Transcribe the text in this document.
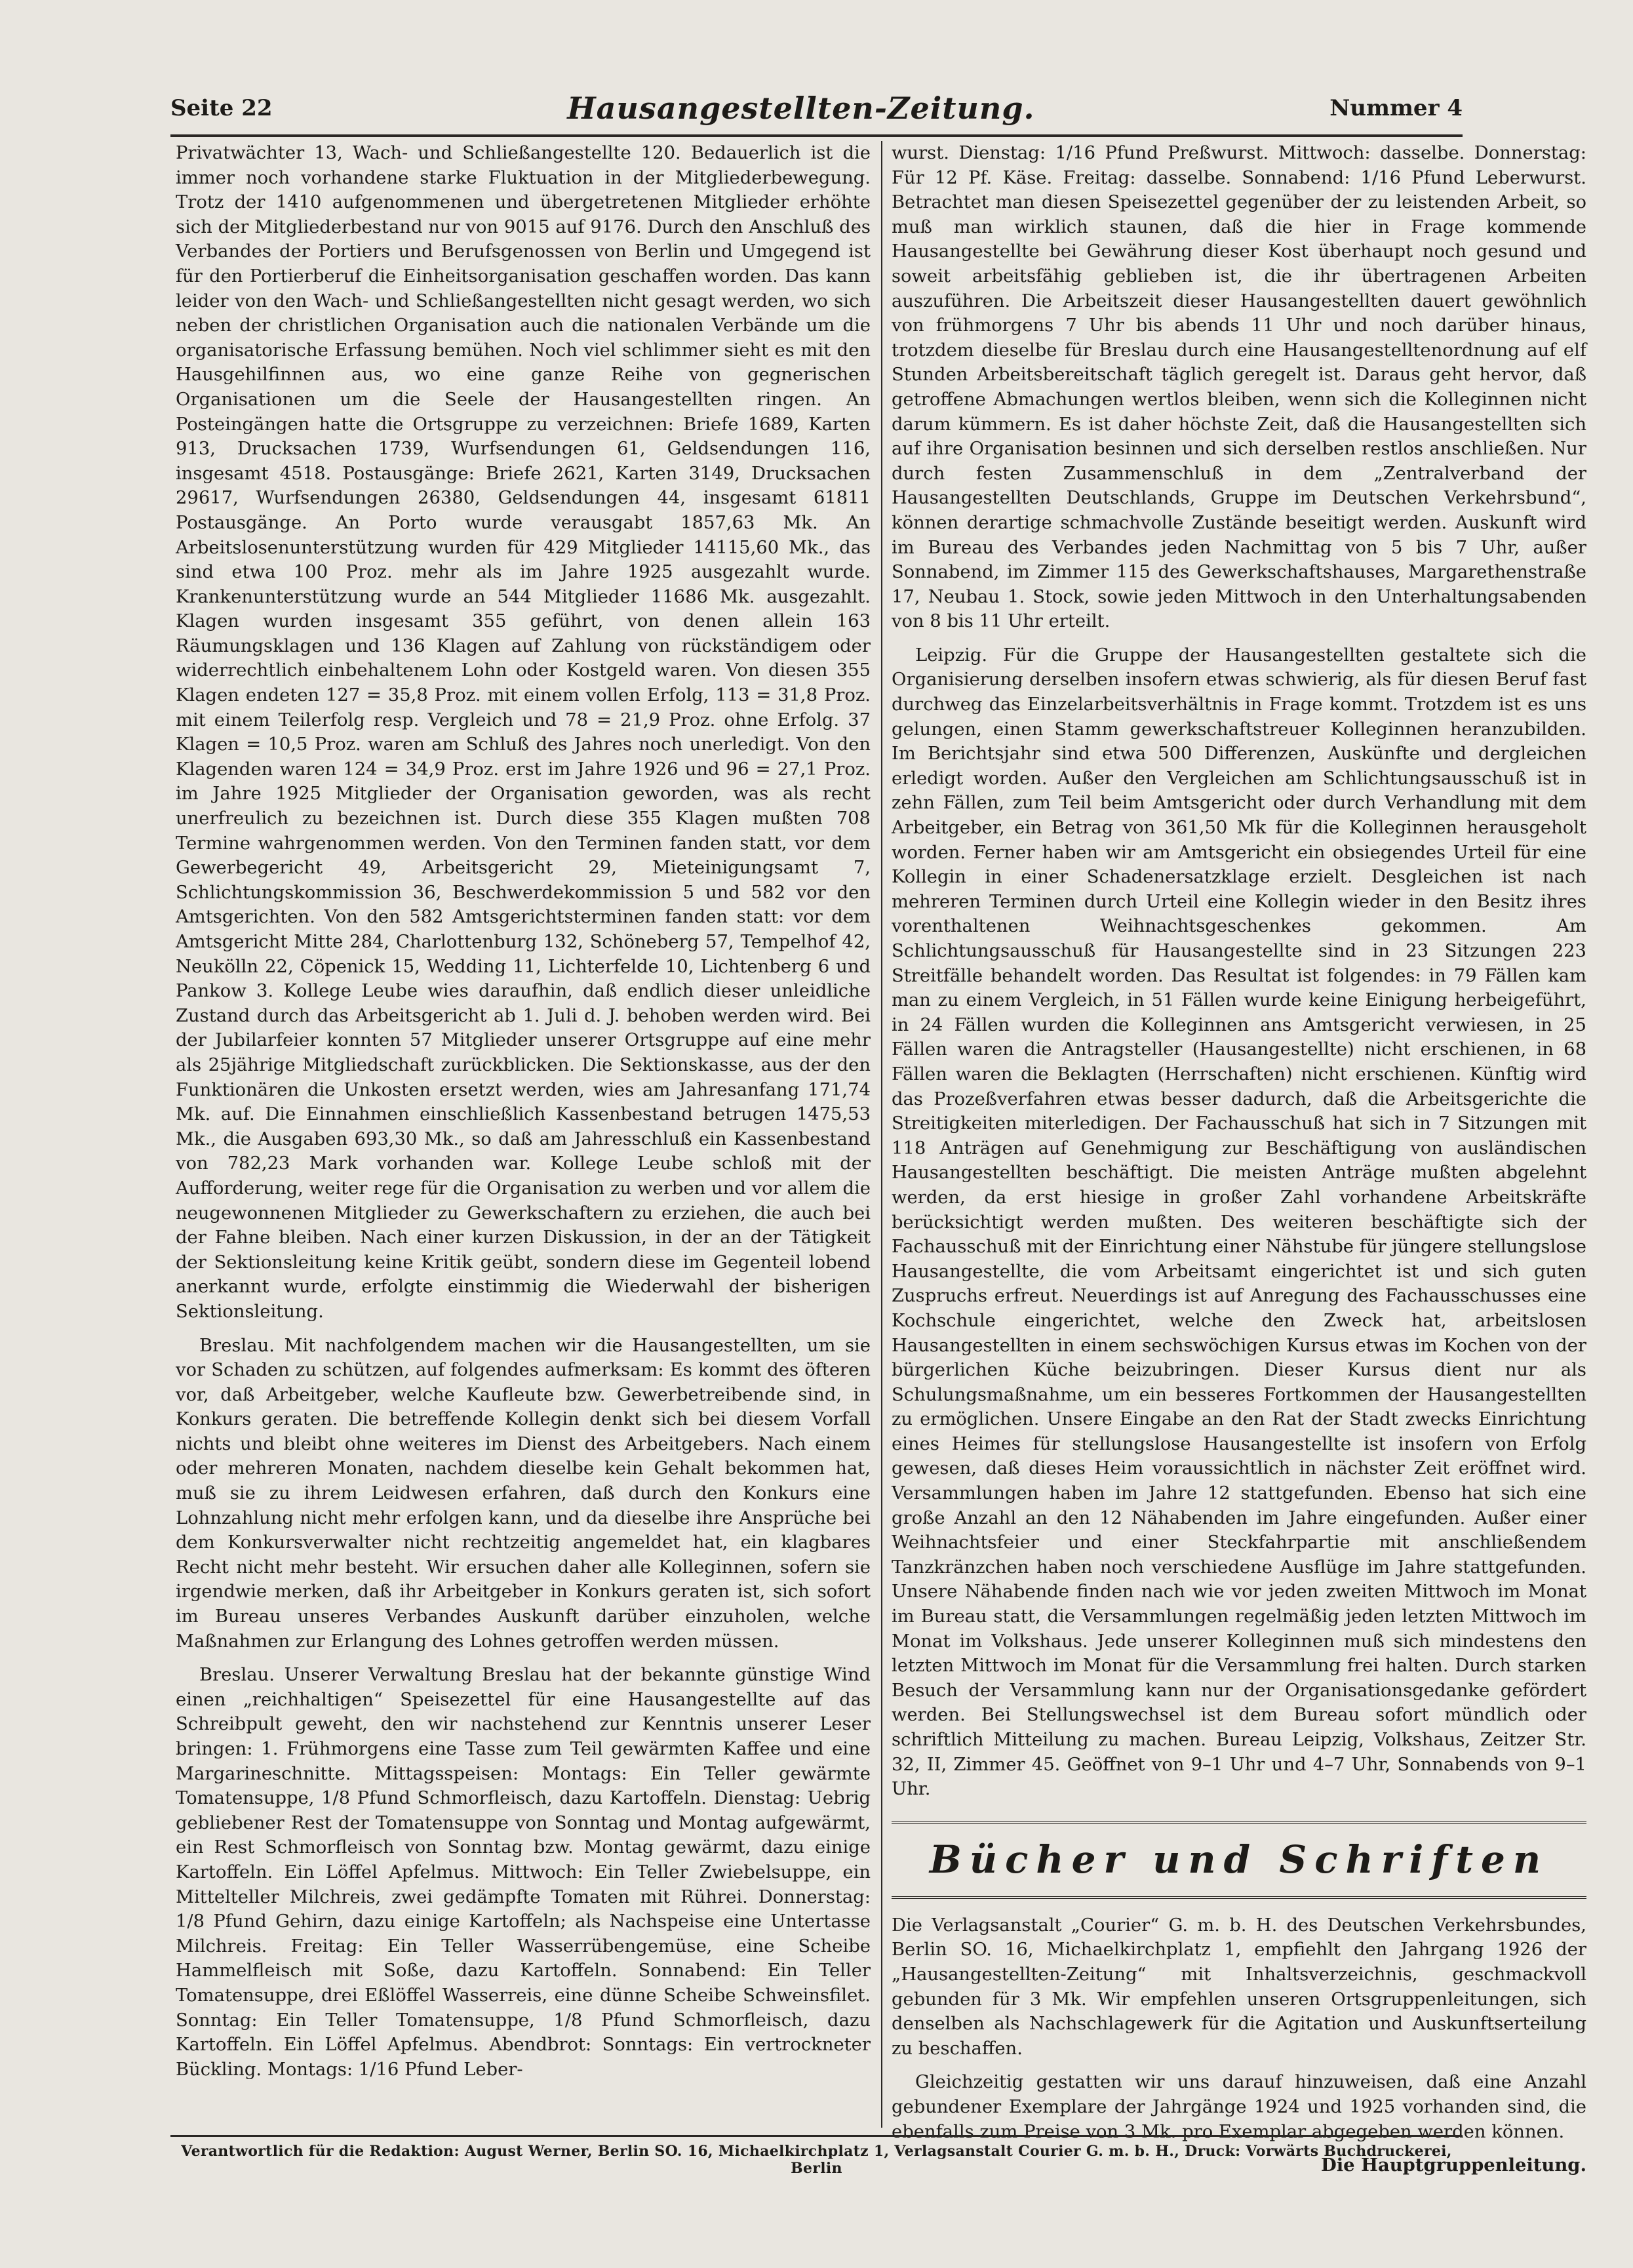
Seite 22	Hausangestellten-Zeitung.	Nummer 4

Privatwächter 13, Wach- und Schließangestellte 120. Bedauerlich ist die immer noch vorhandene starke Fluktuation in der Mitgliederbewegung. Trotz der 1410 aufgenommenen und übergetretenen Mitglieder erhöhte sich der Mitgliederbestand nur von 9015 auf 9176. Durch den Anschluß des Verbandes der Portiers und Berufsgenossen von Berlin und Umgegend ist für den Portierberuf die Einheitsorganisation geschaffen worden. Das kann leider von den Wach- und Schließangestellten nicht gesagt werden, wo sich neben der christlichen Organisation auch die nationalen Verbände um die organisatorische Erfassung bemühen. Noch viel schlimmer sieht es mit den Hausgehilfinnen aus, wo eine ganze Reihe von gegnerischen Organisationen um die Seele der Hausangestellten ringen. An Posteingängen hatte die Ortsgruppe zu verzeichnen: Briefe 1689, Karten 913, Drucksachen 1739, Wurfsendungen 61, Geldsendungen 116, insgesamt 4518. Postausgänge: Briefe 2621, Karten 3149, Drucksachen 29617, Wurfsendungen 26380, Geldsendungen 44, insgesamt 61811 Postausgänge. An Porto wurde verausgabt 1857,63 Mk. An Arbeitslosenunterstützung wurden für 429 Mitglieder 14115,60 Mk., das sind etwa 100 Proz. mehr als im Jahre 1925 ausgezahlt wurde. Krankenunterstützung wurde an 544 Mitglieder 11686 Mk. ausgezahlt. Klagen wurden insgesamt 355 geführt, von denen allein 163 Räumungsklagen und 136 Klagen auf Zahlung von rückständigem oder widerrechtlich einbehaltenem Lohn oder Kostgeld waren. Von diesen 355 Klagen endeten 127 = 35,8 Proz. mit einem vollen Erfolg, 113 = 31,8 Proz. mit einem Teilerfolg resp. Vergleich und 78 = 21,9 Proz. ohne Erfolg. 37 Klagen = 10,5 Proz. waren am Schluß des Jahres noch unerledigt. Von den Klagenden waren 124 = 34,9 Proz. erst im Jahre 1926 und 96 = 27,1 Proz. im Jahre 1925 Mitglieder der Organisation geworden, was als recht unerfreulich zu bezeichnen ist. Durch diese 355 Klagen mußten 708 Termine wahrgenommen werden. Von den Terminen fanden statt, vor dem Gewerbegericht 49, Arbeitsgericht 29, Mieteinigungsamt 7, Schlichtungskommission 36, Beschwerdekommission 5 und 582 vor den Amtsgerichten. Von den 582 Amtsgerichtsterminen fanden statt: vor dem Amtsgericht Mitte 284, Charlottenburg 132, Schöneberg 57, Tempelhof 42, Neukölln 22, Cöpenick 15, Wedding 11, Lichterfelde 10, Lichtenberg 6 und Pankow 3. Kollege Leube wies daraufhin, daß endlich dieser unleidliche Zustand durch das Arbeitsgericht ab 1. Juli d. J. behoben werden wird. Bei der Jubilarfeier konnten 57 Mitglieder unserer Ortsgruppe auf eine mehr als 25jährige Mitgliedschaft zurückblicken. Die Sektionskasse, aus der den Funktionären die Unkosten ersetzt werden, wies am Jahresanfang 171,74 Mk. auf. Die Einnahmen einschließlich Kassenbestand betrugen 1475,53 Mk., die Ausgaben 693,30 Mk., so daß am Jahresschluß ein Kassenbestand von 782,23 Mark vorhanden war. Kollege Leube schloß mit der Aufforderung, weiter rege für die Organisation zu werben und vor allem die neugewonnenen Mitglieder zu Gewerkschaftern zu erziehen, die auch bei der Fahne bleiben. Nach einer kurzen Diskussion, in der an der Tätigkeit der Sektionsleitung keine Kritik geübt, sondern diese im Gegenteil lobend anerkannt wurde, erfolgte einstimmig die Wiederwahl der bisherigen Sektionsleitung.

Breslau. Mit nachfolgendem machen wir die Hausangestellten, um sie vor Schaden zu schützen, auf folgendes aufmerksam: Es kommt des öfteren vor, daß Arbeitgeber, welche Kaufleute bzw. Gewerbetreibende sind, in Konkurs geraten. Die betreffende Kollegin denkt sich bei diesem Vorfall nichts und bleibt ohne weiteres im Dienst des Arbeitgebers. Nach einem oder mehreren Monaten, nachdem dieselbe kein Gehalt bekommen hat, muß sie zu ihrem Leidwesen erfahren, daß durch den Konkurs eine Lohnzahlung nicht mehr erfolgen kann, und da dieselbe ihre Ansprüche bei dem Konkursverwalter nicht rechtzeitig angemeldet hat, ein klagbares Recht nicht mehr besteht. Wir ersuchen daher alle Kolleginnen, sofern sie irgendwie merken, daß ihr Arbeitgeber in Konkurs geraten ist, sich sofort im Bureau unseres Verbandes Auskunft darüber einzuholen, welche Maßnahmen zur Erlangung des Lohnes getroffen werden müssen.

Breslau. Unserer Verwaltung Breslau hat der bekannte günstige Wind einen „reichhaltigen“ Speisezettel für eine Hausangestellte auf das Schreibpult geweht, den wir nachstehend zur Kenntnis unserer Leser bringen: 1. Frühmorgens eine Tasse zum Teil gewärmten Kaffee und eine Margarineschnitte. Mittagsspeisen: Montags: Ein Teller gewärmte Tomatensuppe, 1/8 Pfund Schmorfleisch, dazu Kartoffeln. Dienstag: Uebrig gebliebener Rest der Tomatensuppe von Sonntag und Montag aufgewärmt, ein Rest Schmorfleisch von Sonntag bzw. Montag gewärmt, dazu einige Kartoffeln. Ein Löffel Apfelmus. Mittwoch: Ein Teller Zwiebelsuppe, ein Mittelteller Milchreis, zwei gedämpfte Tomaten mit Rührei. Donnerstag: 1/8 Pfund Gehirn, dazu einige Kartoffeln; als Nachspeise eine Untertasse Milchreis. Freitag: Ein Teller Wasserrübengemüse, eine Scheibe Hammelfleisch mit Soße, dazu Kartoffeln. Sonnabend: Ein Teller Tomatensuppe, drei Eßlöffel Wasserreis, eine dünne Scheibe Schweinsfilet. Sonntag: Ein Teller Tomatensuppe, 1/8 Pfund Schmorfleisch, dazu Kartoffeln. Ein Löffel Apfelmus. Abendbrot: Sonntags: Ein vertrockneter Bückling. Montags: 1/16 Pfund Leber-

wurst. Dienstag: 1/16 Pfund Preßwurst. Mittwoch: dasselbe. Donnerstag: Für 12 Pf. Käse. Freitag: dasselbe. Sonnabend: 1/16 Pfund Leberwurst. Betrachtet man diesen Speisezettel gegenüber der zu leistenden Arbeit, so muß man wirklich staunen, daß die hier in Frage kommende Hausangestellte bei Gewährung dieser Kost überhaupt noch gesund und soweit arbeitsfähig geblieben ist, die ihr übertragenen Arbeiten auszuführen. Die Arbeitszeit dieser Hausangestellten dauert gewöhnlich von frühmorgens 7 Uhr bis abends 11 Uhr und noch darüber hinaus, trotzdem dieselbe für Breslau durch eine Hausangestelltenordnung auf elf Stunden Arbeitsbereitschaft täglich geregelt ist. Daraus geht hervor, daß getroffene Abmachungen wertlos bleiben, wenn sich die Kolleginnen nicht darum kümmern. Es ist daher höchste Zeit, daß die Hausangestellten sich auf ihre Organisation besinnen und sich derselben restlos anschließen. Nur durch festen Zusammenschluß in dem „Zentralverband der Hausangestellten Deutschlands, Gruppe im Deutschen Verkehrsbund“, können derartige schmachvolle Zustände beseitigt werden. Auskunft wird im Bureau des Verbandes jeden Nachmittag von 5 bis 7 Uhr, außer Sonnabend, im Zimmer 115 des Gewerkschaftshauses, Margarethenstraße 17, Neubau 1. Stock, sowie jeden Mittwoch in den Unterhaltungsabenden von 8 bis 11 Uhr erteilt.

Leipzig. Für die Gruppe der Hausangestellten gestaltete sich die Organisierung derselben insofern etwas schwierig, als für diesen Beruf fast durchweg das Einzelarbeitsverhältnis in Frage kommt. Trotzdem ist es uns gelungen, einen Stamm gewerkschaftstreuer Kolleginnen heranzubilden. Im Berichtsjahr sind etwa 500 Differenzen, Auskünfte und dergleichen erledigt worden. Außer den Vergleichen am Schlichtungsausschuß ist in zehn Fällen, zum Teil beim Amtsgericht oder durch Verhandlung mit dem Arbeitgeber, ein Betrag von 361,50 Mk für die Kolleginnen herausgeholt worden. Ferner haben wir am Amtsgericht ein obsiegendes Urteil für eine Kollegin in einer Schadenersatzklage erzielt. Desgleichen ist nach mehreren Terminen durch Urteil eine Kollegin wieder in den Besitz ihres vorenthaltenen Weihnachtsgeschenkes gekommen. Am Schlichtungsausschuß für Hausangestellte sind in 23 Sitzungen 223 Streitfälle behandelt worden. Das Resultat ist folgendes: in 79 Fällen kam man zu einem Vergleich, in 51 Fällen wurde keine Einigung herbeigeführt, in 24 Fällen wurden die Kolleginnen ans Amtsgericht verwiesen, in 25 Fällen waren die Antragsteller (Hausangestellte) nicht erschienen, in 68 Fällen waren die Beklagten (Herrschaften) nicht erschienen. Künftig wird das Prozeßverfahren etwas besser dadurch, daß die Arbeitsgerichte die Streitigkeiten miterledigen. Der Fachausschuß hat sich in 7 Sitzungen mit 118 Anträgen auf Genehmigung zur Beschäftigung von ausländischen Hausangestellten beschäftigt. Die meisten Anträge mußten abgelehnt werden, da erst hiesige in großer Zahl vorhandene Arbeitskräfte berücksichtigt werden mußten. Des weiteren beschäftigte sich der Fachausschuß mit der Einrichtung einer Nähstube für jüngere stellungslose Hausangestellte, die vom Arbeitsamt eingerichtet ist und sich guten Zuspruchs erfreut. Neuerdings ist auf Anregung des Fachausschusses eine Kochschule eingerichtet, welche den Zweck hat, arbeitslosen Hausangestellten in einem sechswöchigen Kursus etwas im Kochen von der bürgerlichen Küche beizubringen. Dieser Kursus dient nur als Schulungsmaßnahme, um ein besseres Fortkommen der Hausangestellten zu ermöglichen. Unsere Eingabe an den Rat der Stadt zwecks Einrichtung eines Heimes für stellungslose Hausangestellte ist insofern von Erfolg gewesen, daß dieses Heim voraussichtlich in nächster Zeit eröffnet wird. Versammlungen haben im Jahre 12 stattgefunden. Ebenso hat sich eine große Anzahl an den 12 Nähabenden im Jahre eingefunden. Außer einer Weihnachtsfeier und einer Steckfahrpartie mit anschließendem Tanzkränzchen haben noch verschiedene Ausflüge im Jahre stattgefunden. Unsere Nähabende finden nach wie vor jeden zweiten Mittwoch im Monat im Bureau statt, die Versammlungen regelmäßig jeden letzten Mittwoch im Monat im Volkshaus. Jede unserer Kolleginnen muß sich mindestens den letzten Mittwoch im Monat für die Versammlung frei halten. Durch starken Besuch der Versammlung kann nur der Organisationsgedanke gefördert werden. Bei Stellungswechsel ist dem Bureau sofort mündlich oder schriftlich Mitteilung zu machen. Bureau Leipzig, Volkshaus, Zeitzer Str. 32, II, Zimmer 45. Geöffnet von 9–1 Uhr und 4–7 Uhr, Sonnabends von 9–1 Uhr.

Bücher und Schriften

Die Verlagsanstalt „Courier“ G. m. b. H. des Deutschen Verkehrsbundes, Berlin SO. 16, Michaelkirchplatz 1, empfiehlt den Jahrgang 1926 der „Hausangestellten-Zeitung“ mit Inhaltsverzeichnis, geschmackvoll gebunden für 3 Mk. Wir empfehlen unseren Ortsgruppenleitungen, sich denselben als Nachschlagewerk für die Agitation und Auskunftserteilung zu beschaffen.

Gleichzeitig gestatten wir uns darauf hinzuweisen, daß eine Anzahl gebundener Exemplare der Jahrgänge 1924 und 1925 vorhanden sind, die ebenfalls zum Preise von 3 Mk. pro Exemplar abgegeben werden können.

Die Hauptgruppenleitung.
Verantwortlich für die Redaktion: August Werner, Berlin SO. 16, Michaelkirchplatz 1, Verlagsanstalt Courier G. m. b. H., Druck: Vorwärts Buchdruckerei, Berlin
